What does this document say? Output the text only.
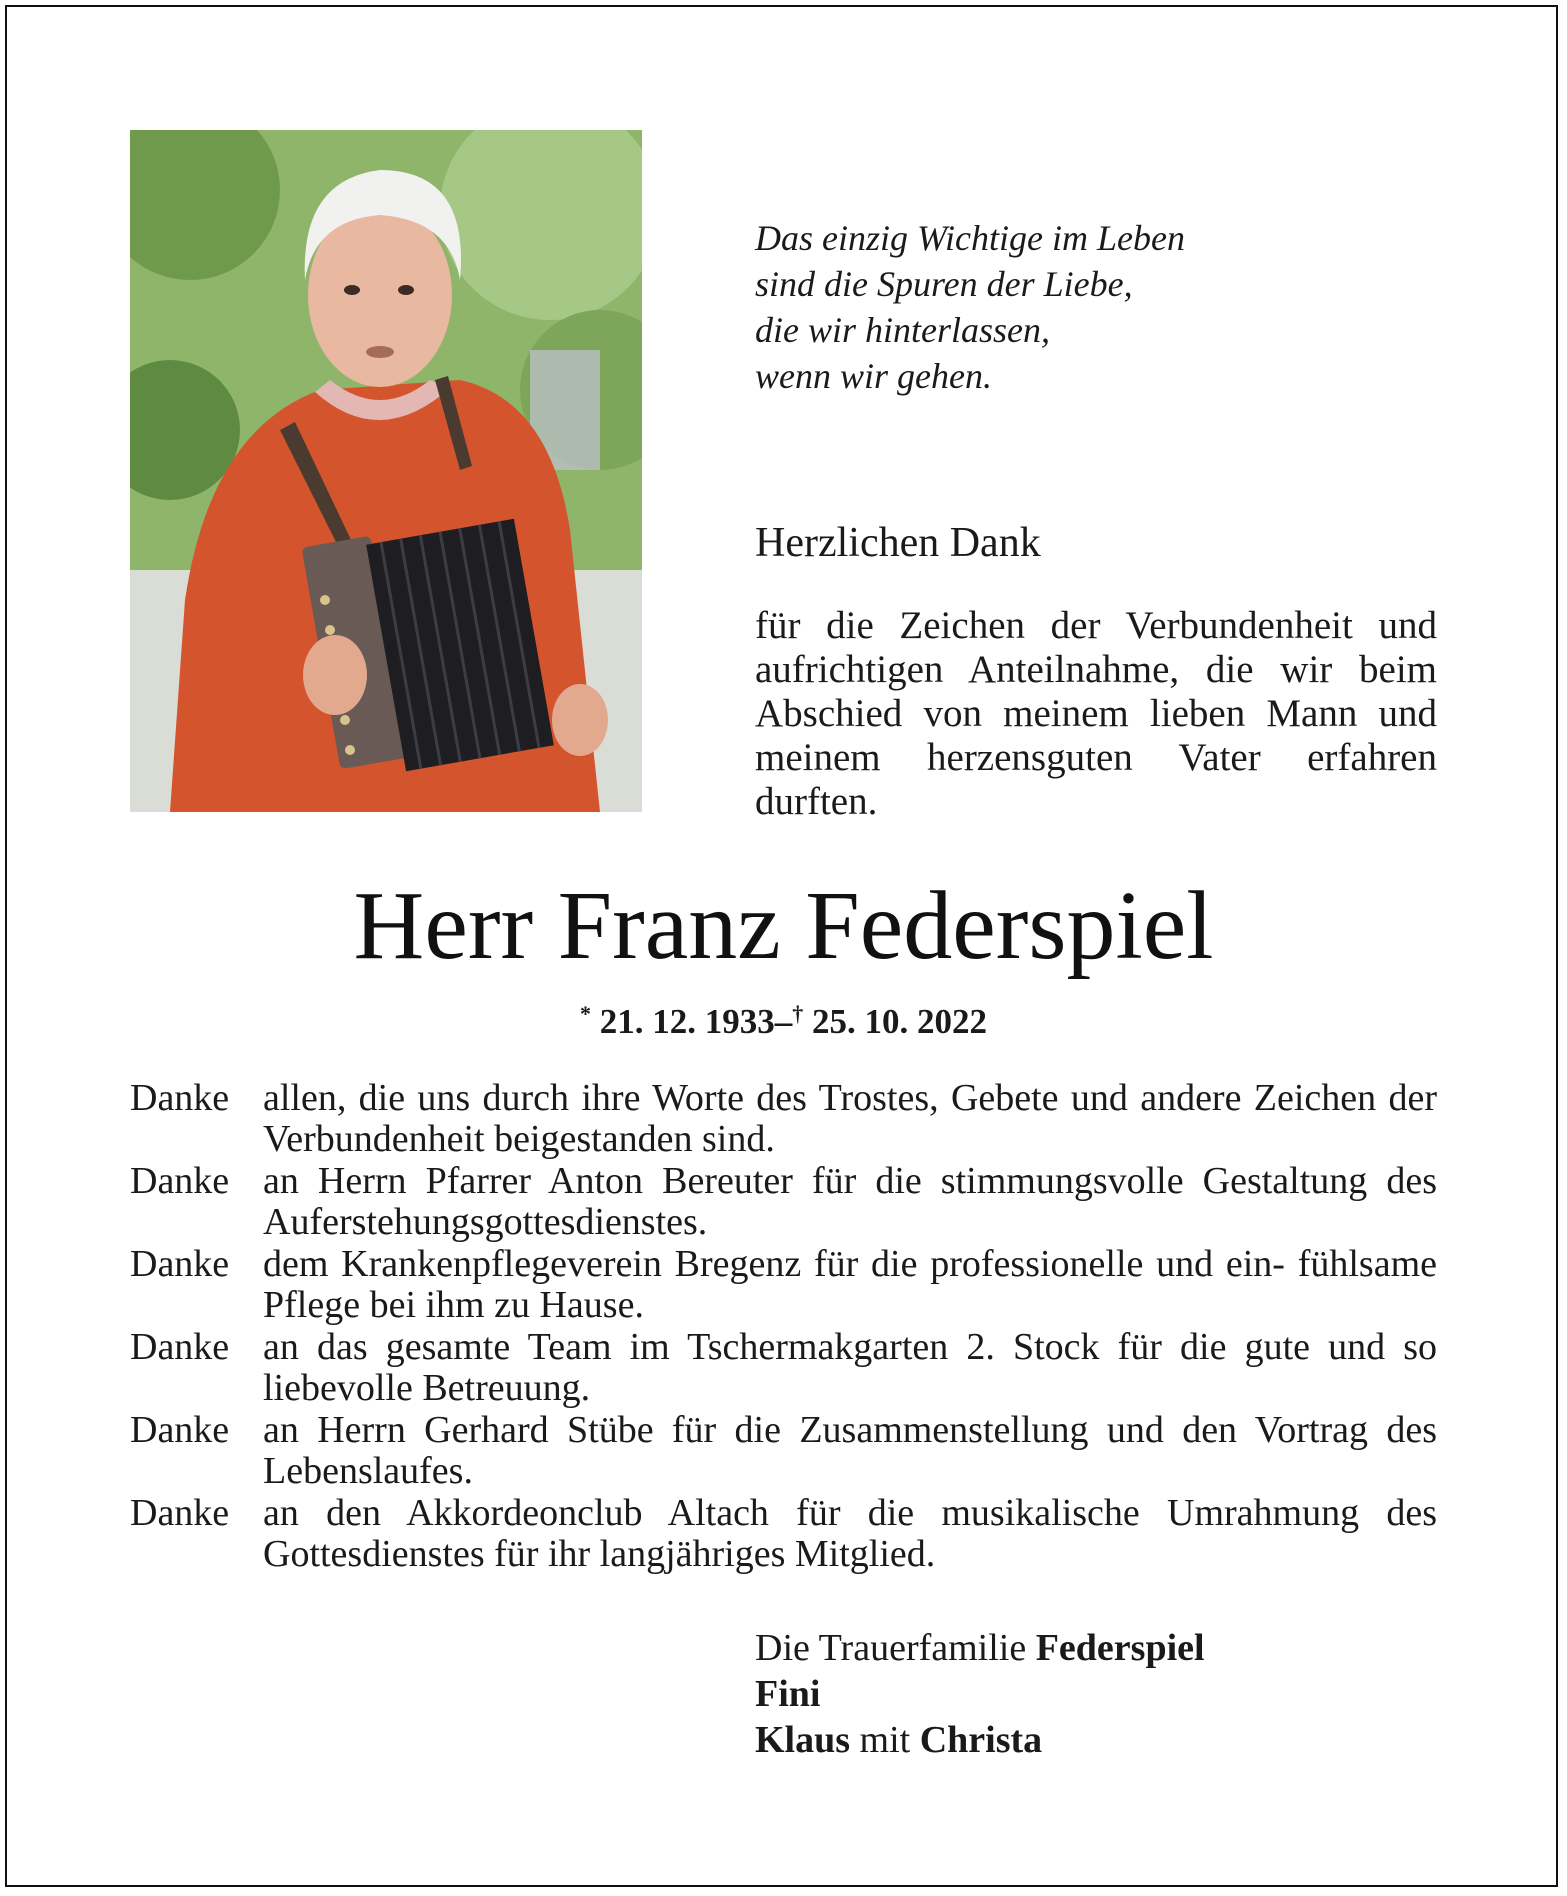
Das einzig Wichtige im Leben
sind die Spuren der Liebe,
die wir hinterlassen,
wenn wir gehen.
Herzlichen Dank
für die Zeichen der Verbundenheit und aufrichtigen Anteilnahme, die wir beim Abschied von meinem lieben Mann und meinem herzensguten Vater erfahren durften.
Herr Franz Federspiel
* 21. 12. 1933–† 25. 10. 2022
Danke allen, die uns durch ihre Worte des Trostes, Gebete und andere Zeichen der Verbundenheit beigestanden sind.
Danke an Herrn Pfarrer Anton Bereuter für die stimmungsvolle Gestaltung des Auferstehungsgottesdienstes.
Danke dem Krankenpflegeverein Bregenz für die professionelle und ein- fühlsame Pflege bei ihm zu Hause.
Danke an das gesamte Team im Tschermakgarten 2. Stock für die gute und so liebevolle Betreuung.
Danke an Herrn Gerhard Stübe für die Zusammenstellung und den Vortrag des Lebenslaufes.
Danke an den Akkordeonclub Altach für die musikalische Umrahmung des Gottesdienstes für ihr langjähriges Mitglied.
Die Trauerfamilie Federspiel
Fini
Klaus mit Christa
